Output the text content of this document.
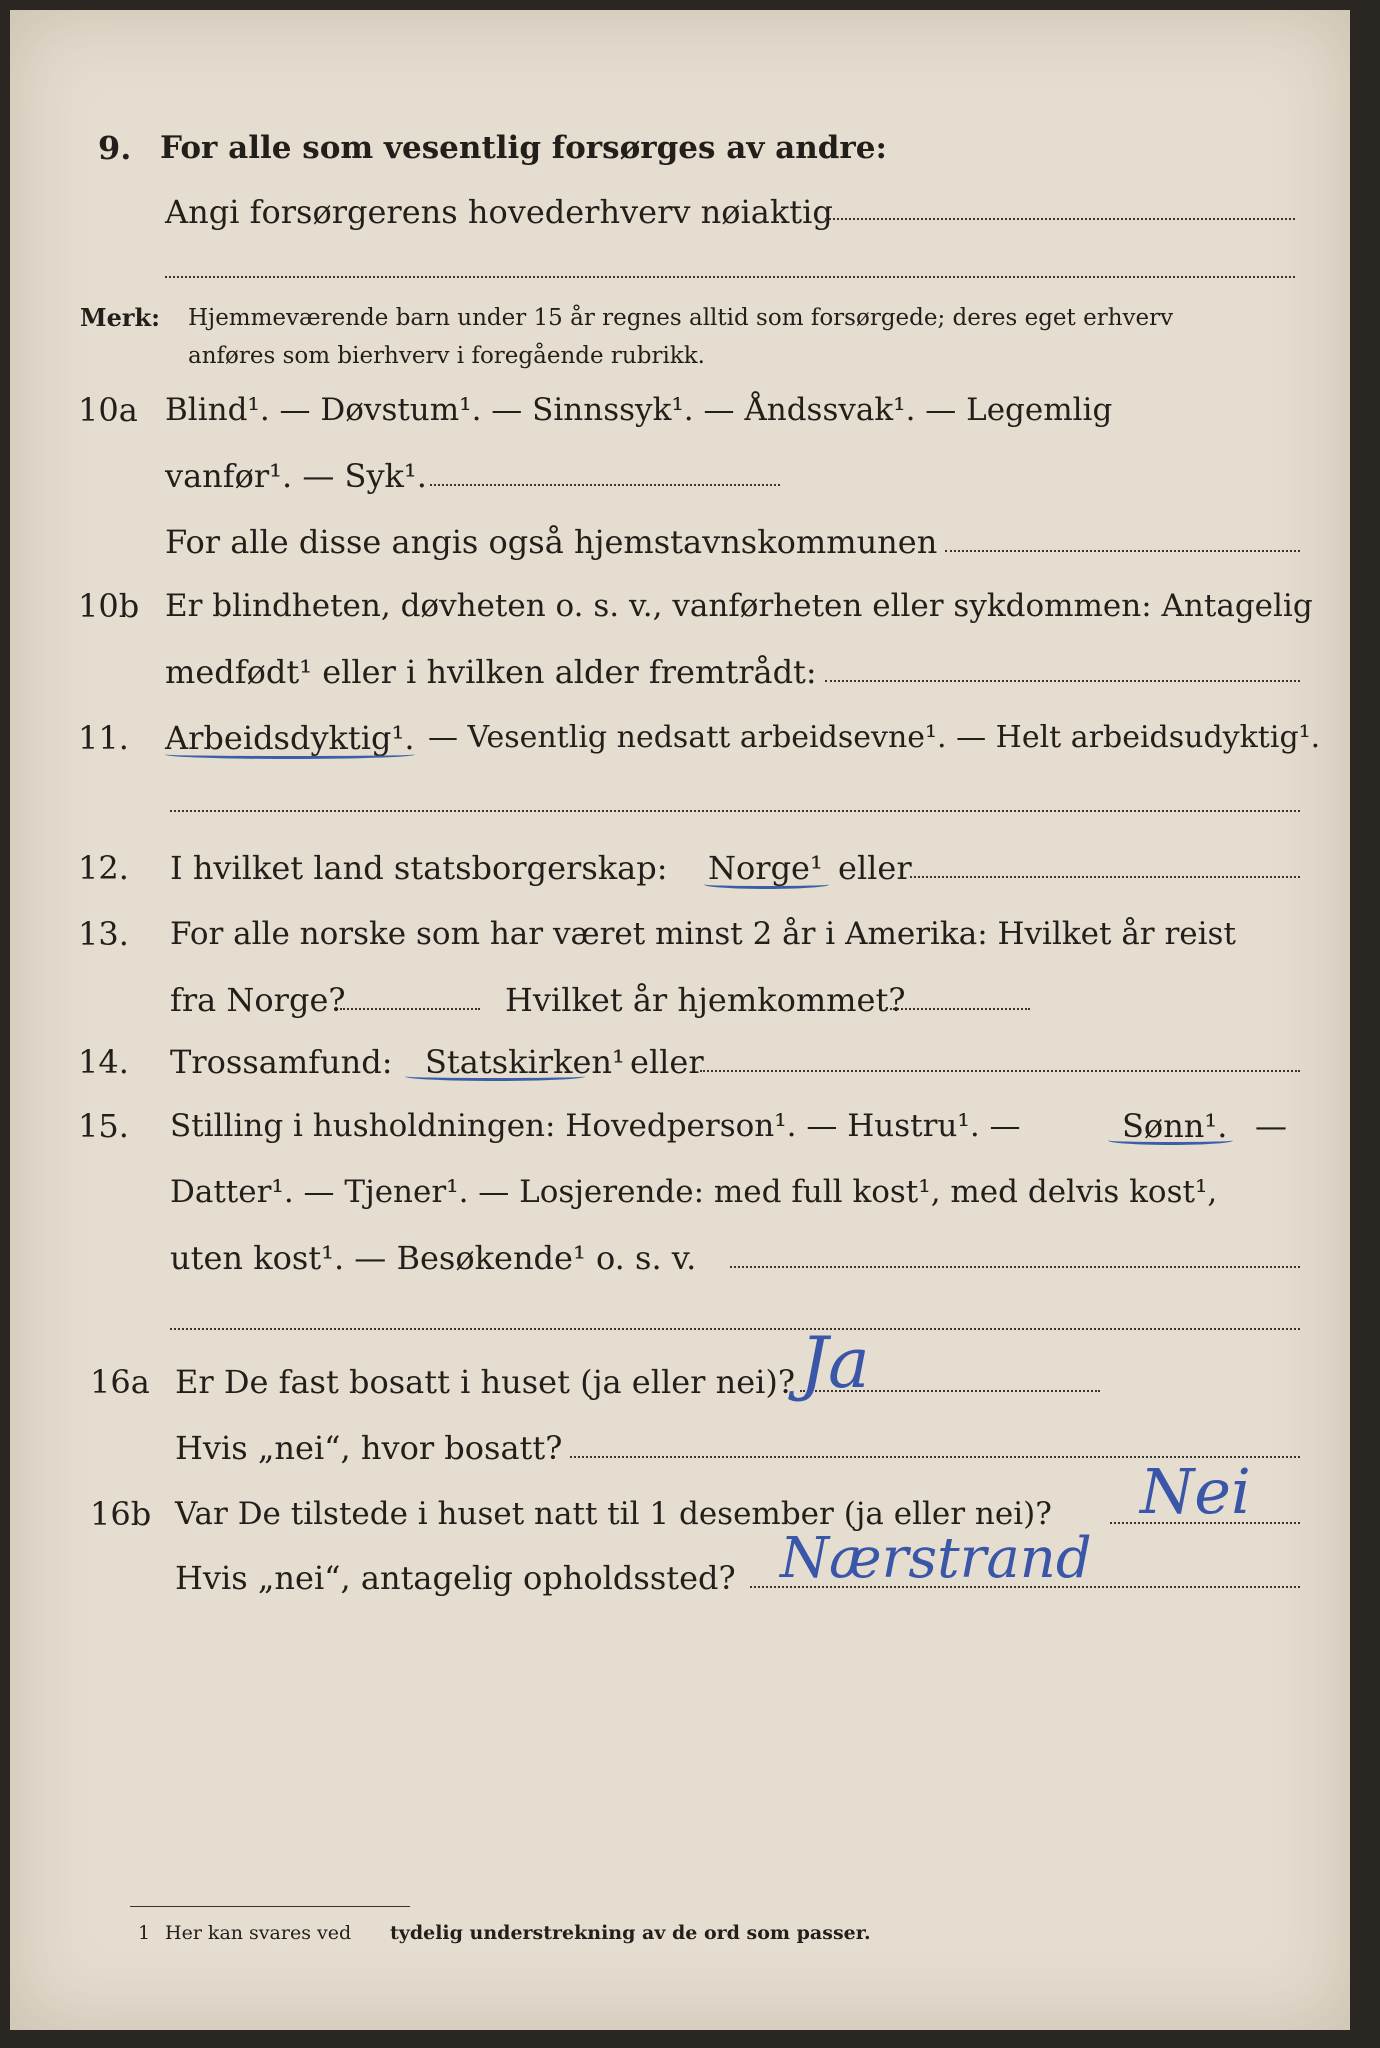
9. For alle som vesentlig forsørges av andre:
Angi forsørgerens hovederhverv nøiaktig
Merk: Hjemmeværende barn under 15 år regnes alltid som forsørgede; deres eget erhverv
anføres som bierhverv i foregående rubrikk.
10a Blind¹. — Døvstum¹. — Sinnssyk¹. — Åndssvak¹. — Legemlig
vanfør¹. — Syk¹.
For alle disse angis også hjemstavnskommunen
10b Er blindheten, døvheten o. s. v., vanførheten eller sykdommen: Antagelig
medfødt¹ eller i hvilken alder fremtrådt:
11. Arbeidsdyktig¹. — Vesentlig nedsatt arbeidsevne¹. — Helt arbeidsudyktig¹.
12. I hvilket land statsborgerskap: Norge¹ eller
13. For alle norske som har været minst 2 år i Amerika: Hvilket år reist
fra Norge?	Hvilket år hjemkommet?
14. Trossamfund: Statskirken¹ eller
15. Stilling i husholdningen: Hovedperson¹. — Hustru¹. —	Sønn¹. —
Datter¹. — Tjener¹. — Losjerende: med full kost¹, med delvis kost¹,
uten kost¹. — Besøkende¹ o. s. v.
16a Er De fast bosatt i huset (ja eller nei)? Ja
Hvis „nei“, hvor bosatt?
16b Var De tilstede i huset natt til 1 desember (ja eller nei)? Nei
Hvis „nei“, antagelig opholdssted? Nærstrand
1 Her kan svares ved tydelig understrekning av de ord som passer.
